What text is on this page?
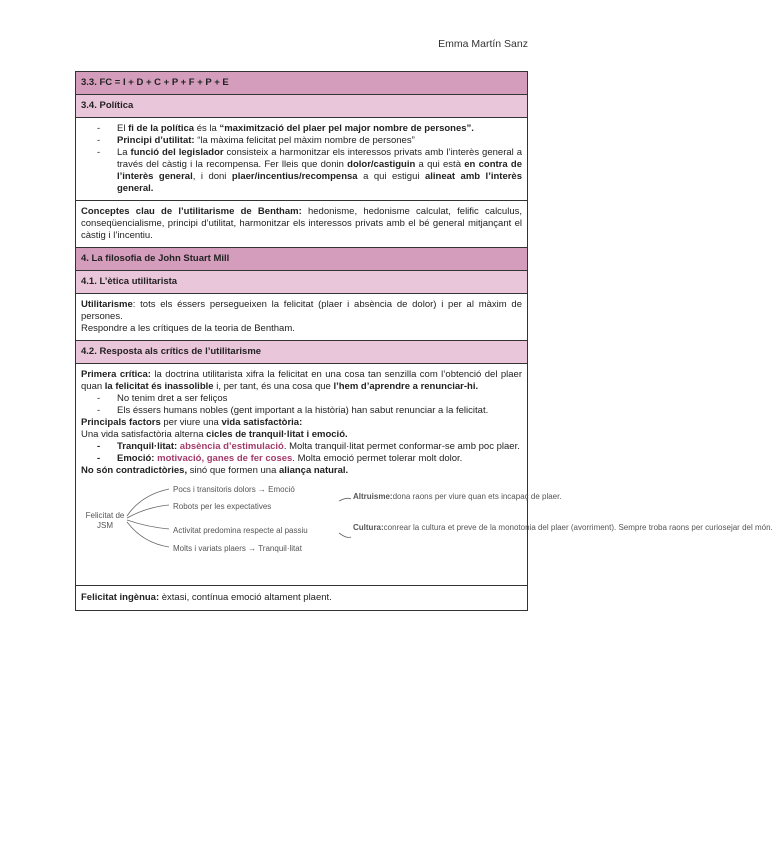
Emma Martín Sanz
3.3. FC = I + D + C + P + F + P + E
3.4. Política
- El fi de la política és la “maximització del plaer pel major nombre de persones”.
- Principi d’utilitat: “la màxima felicitat pel màxim nombre de persones”
- La funció del legislador consisteix a harmonitzar els interessos privats amb l’interès general a través del càstig i la recompensa. Fer lleis que donin dolor/castiguin a qui està en contra de l’interès general, i doni plaer/incentius/recompensa a qui estigui alineat amb l’interès general.
Conceptes clau de l’utilitarisme de Bentham: hedonisme, hedonisme calculat, felific calculus, conseqüencialisme, principi d’utilitat, harmonitzar els interessos privats amb el bé general mitjançant el càstig i l’incentiu.
4. La filosofia de John Stuart Mill
4.1. L’ètica utilitarista
Utilitarisme: tots els éssers persegueixen la felicitat (plaer i absència de dolor) i per al màxim de persones.
Respondre a les crítiques de la teoria de Bentham.
4.2. Resposta als crítics de l’utilitarisme
Primera crítica: la doctrina utilitarista xifra la felicitat en una cosa tan senzilla com l’obtenció del plaer quan la felicitat és inassolible i, per tant, és una cosa que l’hem d’aprendre a renunciar-hi.
- No tenim dret a ser feliços
- Els éssers humans nobles (gent important a la història) han sabut renunciar a la felicitat.
Principals factors per viure una vida satisfactòria:
Una vida satisfactòria alterna cicles de tranquil·litat i emoció.
- Tranquil·litat: absència d’estimulació. Molta tranquil·litat permet conformar-se amb poc plaer.
- Emoció: motivació, ganes de fer coses. Molta emoció permet tolerar molt dolor.
No són contradictòries, sinó que formen una aliança natural.
Felicitat de JSM
Pocs i transitoris dolors → Emoció
Robots per les expectatives
Activitat predomina respecte al passiu
Molts i variats plaers → Tranquil·litat
Altruisme: dona raons per viure quan ets incapaç de plaer.
Cultura: conrear la cultura et preve de la monotonia del plaer (avorriment). Sempre troba raons per curiosejar del món.
Felicitat ingènua: èxtasi, contínua emoció altament plaent.
